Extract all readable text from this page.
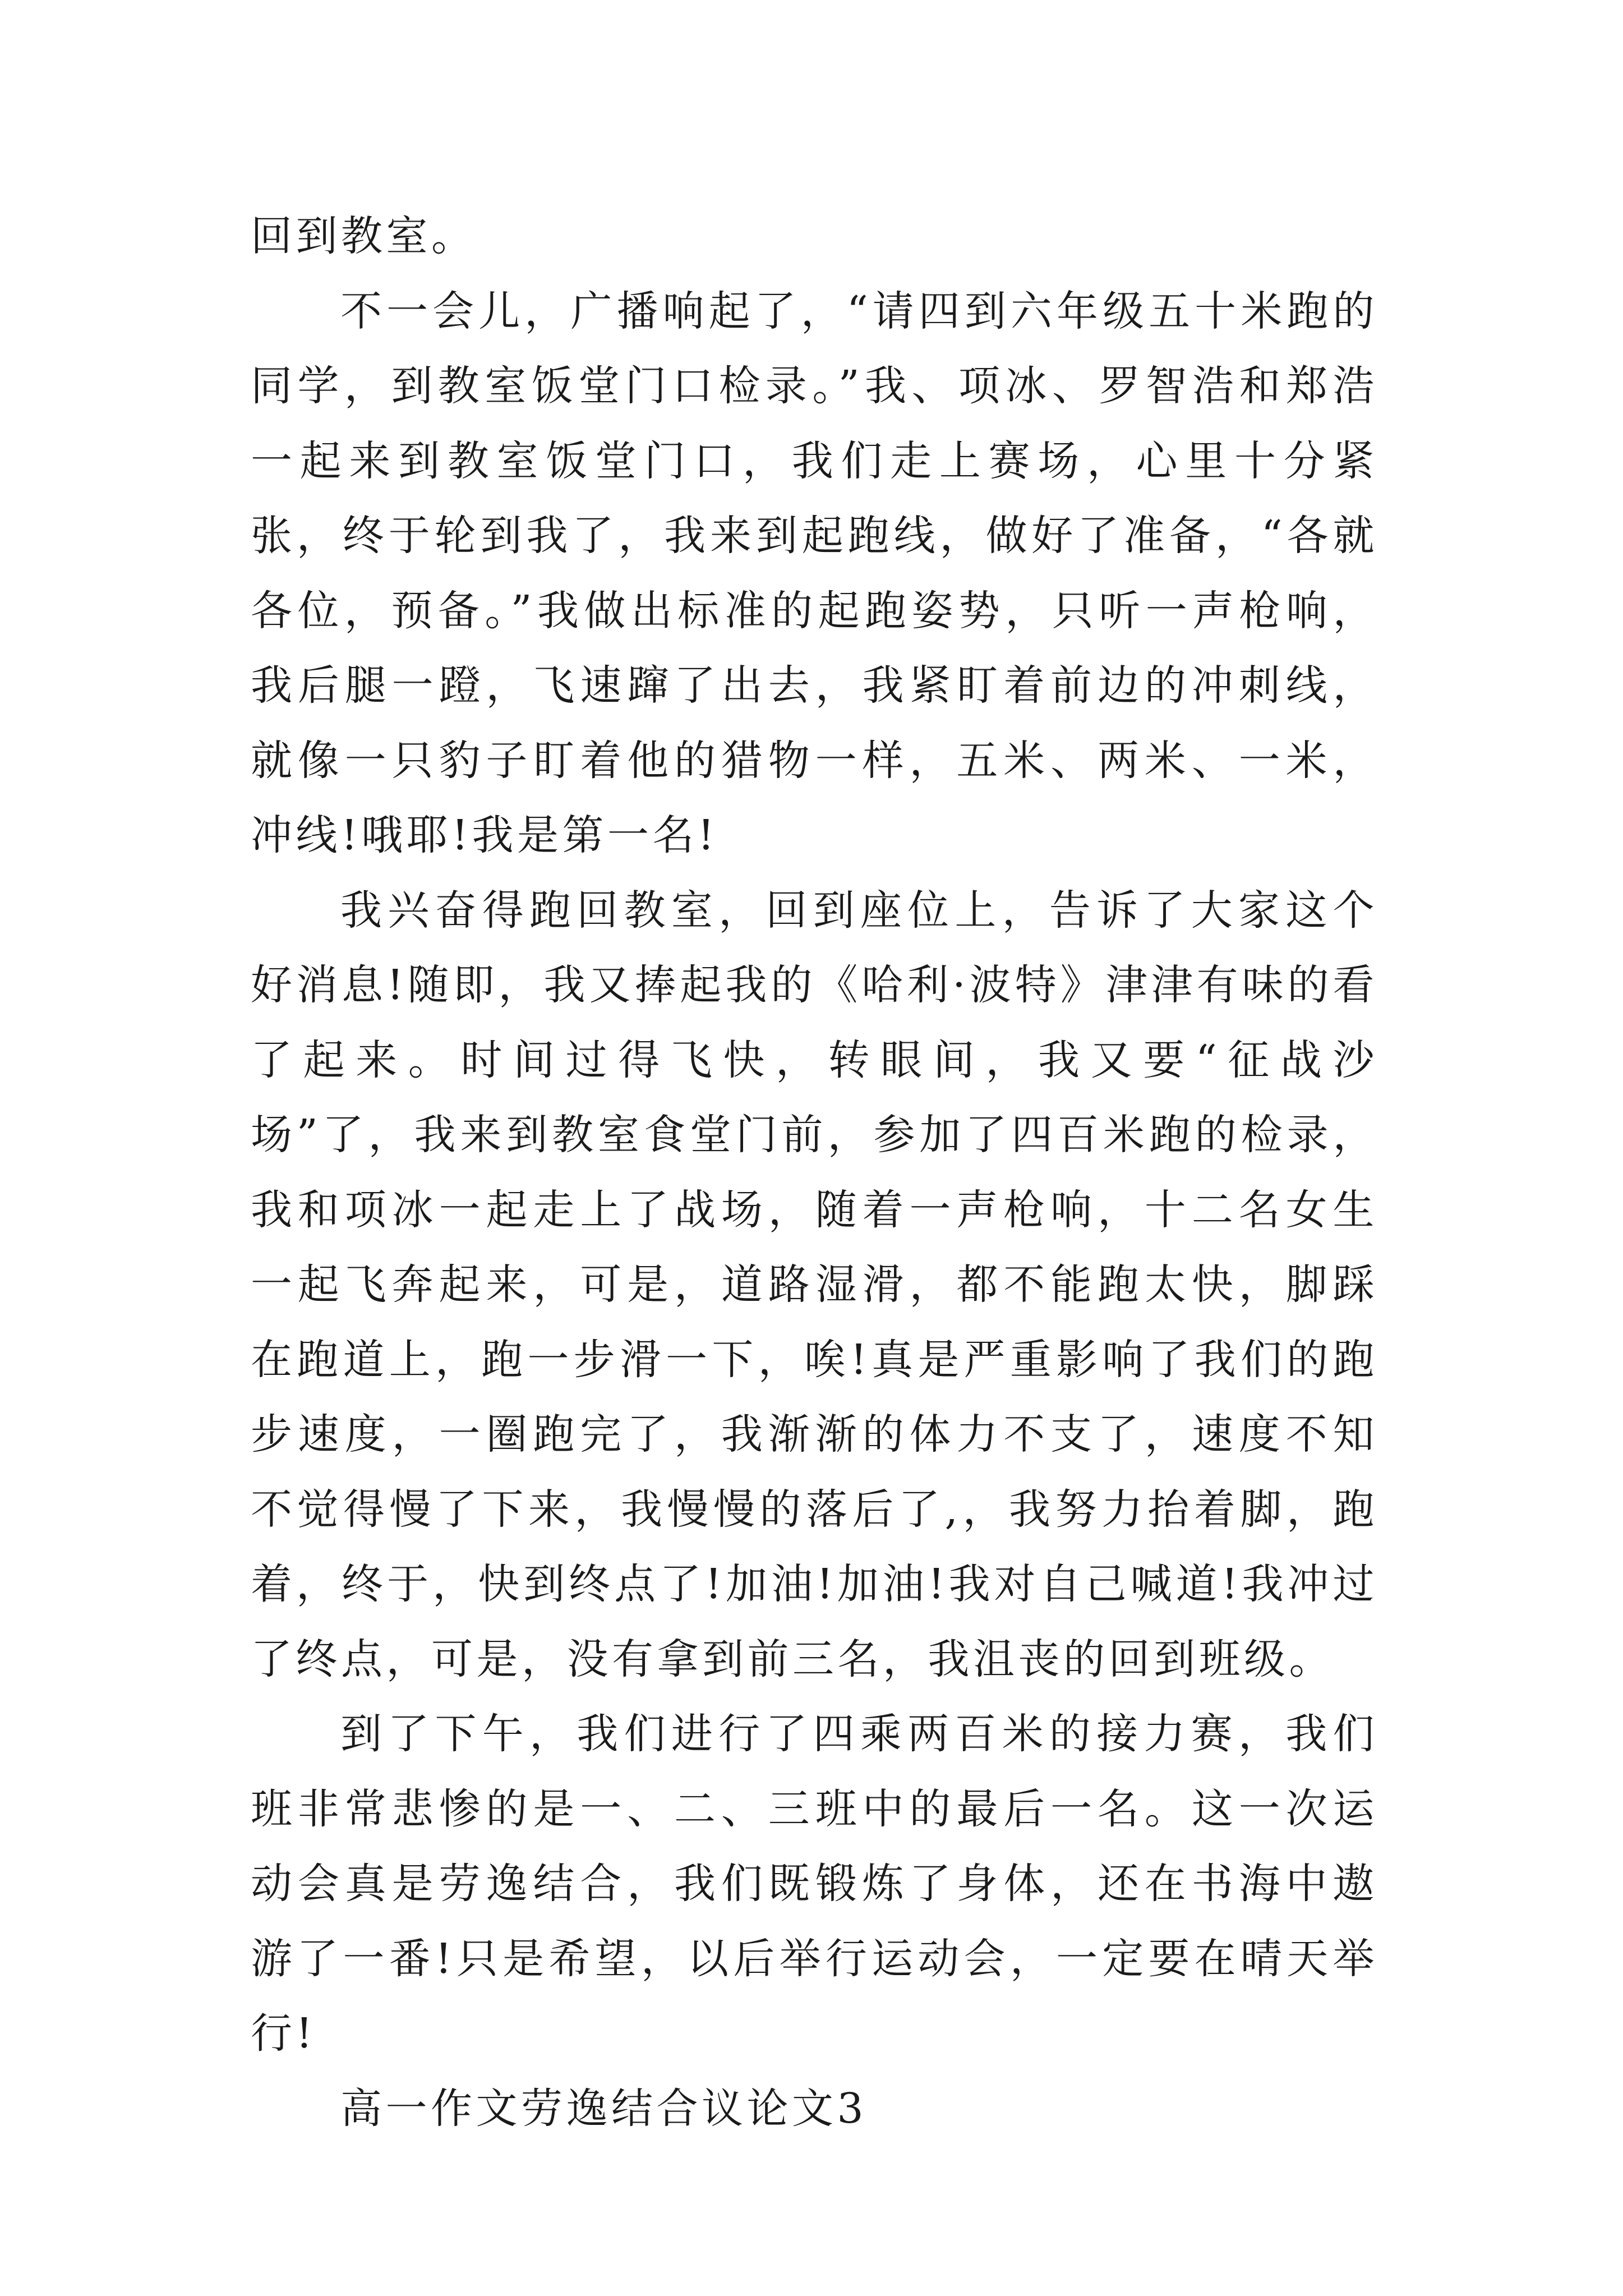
回到教室。

不一会儿，广播响起了，“请四到六年级五十米跑的同学，到教室饭堂门口检录。”我、项冰、罗智浩和郑浩一起来到教室饭堂门口，我们走上赛场，心里十分紧张，终于轮到我了，我来到起跑线，做好了准备，“各就各位，预备。”我做出标准的起跑姿势，只听一声枪响，我后腿一蹬，飞速蹿了出去，我紧盯着前边的冲刺线，就像一只豹子盯着他的猎物一样，五米、两米、一米，冲线!哦耶!我是第一名!

我兴奋得跑回教室，回到座位上，告诉了大家这个好消息!随即，我又捧起我的《哈利·波特》津津有味的看了起来。时间过得飞快，转眼间，我又要“征战沙场”了，我来到教室食堂门前，参加了四百米跑的检录，我和项冰一起走上了战场，随着一声枪响，十二名女生一起飞奔起来，可是，道路湿滑，都不能跑太快，脚踩在跑道上，跑一步滑一下，唉!真是严重影响了我们的跑步速度，一圈跑完了，我渐渐的体力不支了，速度不知不觉得慢了下来，我慢慢的落后了,，我努力抬着脚，跑着，终于，快到终点了!加油!加油!我对自己喊道!我冲过了终点，可是，没有拿到前三名，我沮丧的回到班级。

到了下午，我们进行了四乘两百米的接力赛，我们班非常悲惨的是一、二、三班中的最后一名。这一次运动会真是劳逸结合，我们既锻炼了身体，还在书海中遨游了一番!只是希望，以后举行运动会，一定要在晴天举行!

高一作文劳逸结合议论文3
